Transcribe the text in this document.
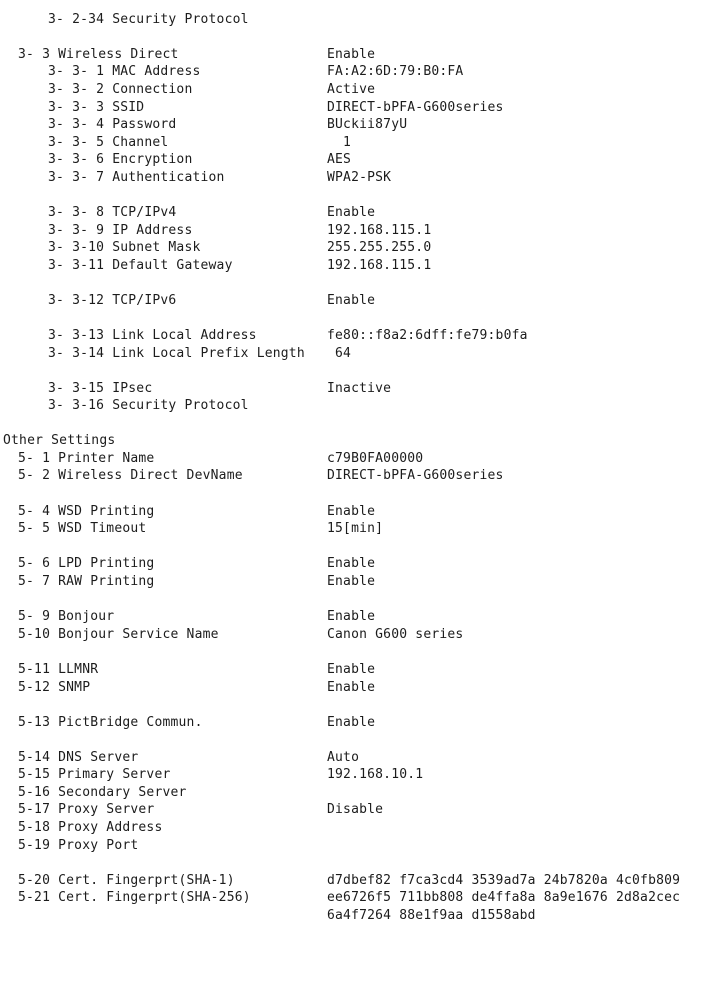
3- 2-34 Security Protocol
3- 3 Wireless Direct	Enable
3- 3- 1 MAC Address	FA:A2:6D:79:B0:FA
3- 3- 2 Connection	Active
3- 3- 3 SSID	DIRECT-bPFA-G600series
3- 3- 4 Password	BUckii87yU
3- 3- 5 Channel	1
3- 3- 6 Encryption	AES
3- 3- 7 Authentication	WPA2-PSK
3- 3- 8 TCP/IPv4	Enable
3- 3- 9 IP Address	192.168.115.1
3- 3-10 Subnet Mask	255.255.255.0
3- 3-11 Default Gateway	192.168.115.1
3- 3-12 TCP/IPv6	Enable
3- 3-13 Link Local Address	fe80::f8a2:6dff:fe79:b0fa
3- 3-14 Link Local Prefix Length 64
3- 3-15 IPsec	Inactive
3- 3-16 Security Protocol
Other Settings
5- 1 Printer Name	c79B0FA00000
5- 2 Wireless Direct DevName	DIRECT-bPFA-G600series
5- 4 WSD Printing	Enable
5- 5 WSD Timeout	15[min]
5- 6 LPD Printing	Enable
5- 7 RAW Printing	Enable
5- 9 Bonjour	Enable
5-10 Bonjour Service Name	Canon G600 series
5-11 LLMNR	Enable
5-12 SNMP	Enable
5-13 PictBridge Commun.	Enable
5-14 DNS Server	Auto
5-15 Primary Server	192.168.10.1
5-16 Secondary Server
5-17 Proxy Server	Disable
5-18 Proxy Address
5-19 Proxy Port
5-20 Cert. Fingerprt(SHA-1)	d7dbef82 f7ca3cd4 3539ad7a 24b7820a 4c0fb809
5-21 Cert. Fingerprt(SHA-256)	ee6726f5 711bb808 de4ffa8a 8a9e1676 2d8a2cec
6a4f7264 88e1f9aa d1558abd
